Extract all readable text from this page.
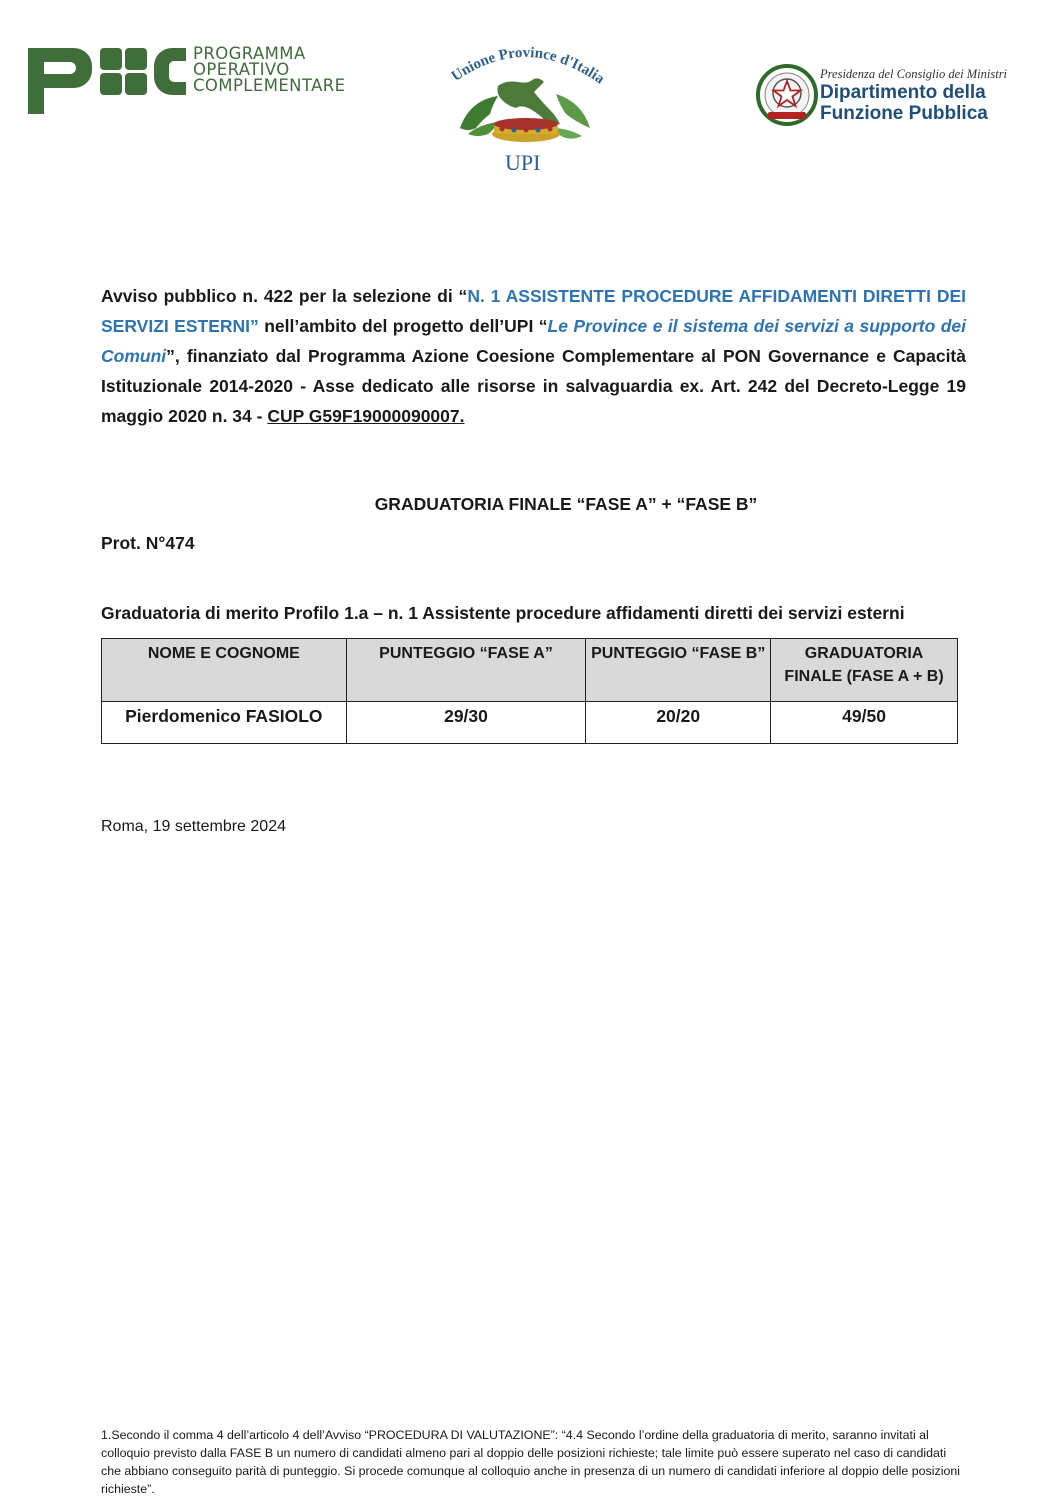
PROGRAMMA
OPERATIVO
COMPLEMENTARE
Unione Province d'Italia
UPI
Presidenza del Consiglio dei Ministri
Dipartimento della
Funzione Pubblica
Avviso pubblico n. 422 per la selezione di “N. 1 ASSISTENTE PROCEDURE AFFIDAMENTI DIRETTI DEI SERVIZI ESTERNI” nell’ambito del progetto dell’UPI “Le Province e il sistema dei servizi a supporto dei Comuni”, finanziato dal Programma Azione Coesione Complementare al PON Governance e Capacità Istituzionale 2014-2020 - Asse dedicato alle risorse in salvaguardia ex. Art. 242 del Decreto-Legge 19 maggio 2020 n. 34 - CUP G59F19000090007.
GRADUATORIA FINALE “FASE A” + “FASE B”
Prot. N°474
Graduatoria di merito Profilo 1.a – n. 1 Assistente procedure affidamenti diretti dei servizi esterni
NOME E COGNOME	PUNTEGGIO “FASE A”	PUNTEGGIO “FASE B”	GRADUATORIA FINALE (FASE A + B)
Pierdomenico FASIOLO	29/30	20/20	49/50
Roma, 19 settembre 2024
1.Secondo il comma 4 dell’articolo 4 dell’Avviso “PROCEDURA DI VALUTAZIONE”: “4.4 Secondo l’ordine della graduatoria di merito, saranno invitati al colloquio previsto dalla FASE B un numero di candidati almeno pari al doppio delle posizioni richieste; tale limite può essere superato nel caso di candidati che abbiano conseguito parità di punteggio. Si procede comunque al colloquio anche in presenza di un numero di candidati inferiore al doppio delle posizioni richieste”.
